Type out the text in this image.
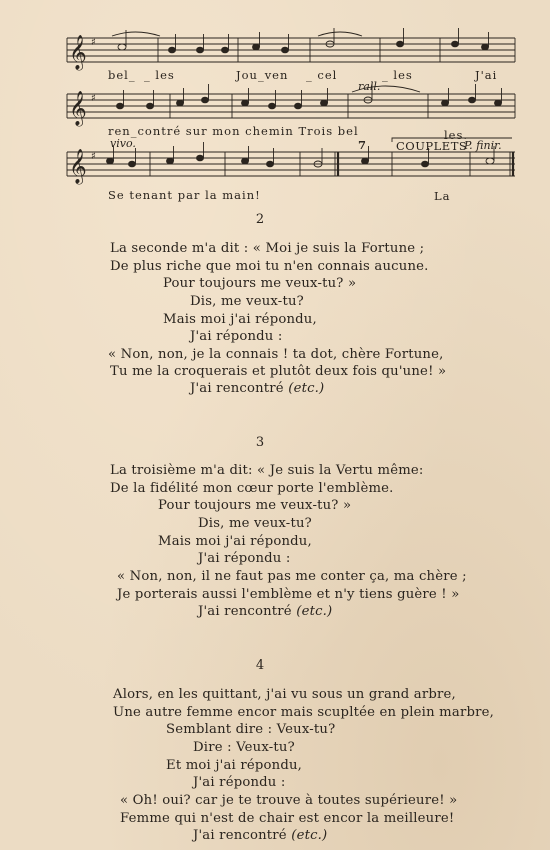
𝄞 ♯
bel_ _ les	Jou_ven _ cel	_ les	J'ai
rall.
𝄞 ♯
ren_contré sur mon chemin Trois bel	les.
vivo.	7	COUPLETS
P. finir.
𝄞 ♯
Se tenant par la main!	La
2
La seconde m'a dit : « Moi je suis la Fortune ;
De plus riche que moi tu n'en connais aucune.
Pour toujours me veux-tu? »
Dis, me veux-tu?
Mais moi j'ai répondu,
J'ai répondu :
« Non, non, je la connais ! ta dot, chère Fortune,
Tu me la croquerais et plutôt deux fois qu'une! »
J'ai rencontré (etc.)
3
La troisième m'a dit: « Je suis la Vertu même:
De la fidélité mon cœur porte l'emblème.
Pour toujours me veux-tu? »
Dis, me veux-tu?
Mais moi j'ai répondu,
J'ai répondu :
« Non, non, il ne faut pas me conter ça, ma chère ;
Je porterais aussi l'emblème et n'y tiens guère ! »
J'ai rencontré (etc.)
4
Alors, en les quittant, j'ai vu sous un grand arbre,
Une autre femme encor mais scupltée en plein marbre,
Semblant dire : Veux-tu?
Dire : Veux-tu?
Et moi j'ai répondu,
J'ai répondu :
« Oh! oui? car je te trouve à toutes supérieure! »
Femme qui n'est de chair est encor la meilleure!
J'ai rencontré (etc.)
